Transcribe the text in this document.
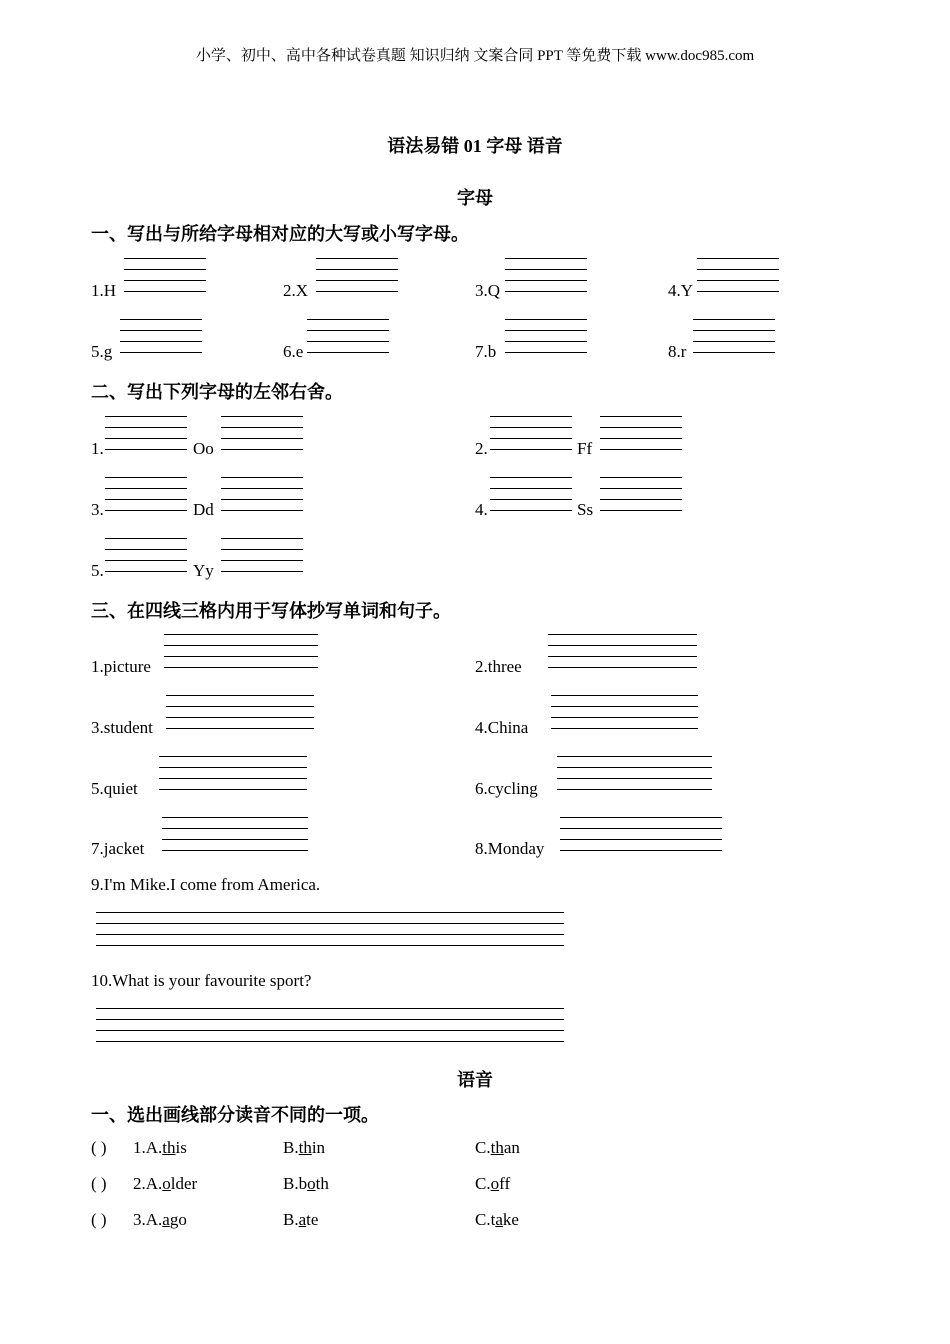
小学、初中、高中各种试卷真题 知识归纳 文案合同 PPT 等免费下载 www.doc985.com
语法易错 01 字母 语音
字母
一、写出与所给字母相对应的大写或小写字母。
1.H	2.X	3.Q	4.Y
5.g	6.e	7.b	8.r
二、写出下列字母的左邻右舍。
1.	Oo	2.	Ff
3.	Dd	4.	Ss
5.	Yy
三、在四线三格内用于写体抄写单词和句子。
1.picture	2.three
3.student	4.China
5.quiet	6.cycling
7.jacket	8.Monday
9.I'm Mike.I come from America.
10.What is your favourite sport?
语音
一、选出画线部分读音不同的一项。
( ) 1.A.this	B.thin	C.than
( ) 2.A.older	B.both	C.off
( ) 3.A.ago	B.ate	C.take
